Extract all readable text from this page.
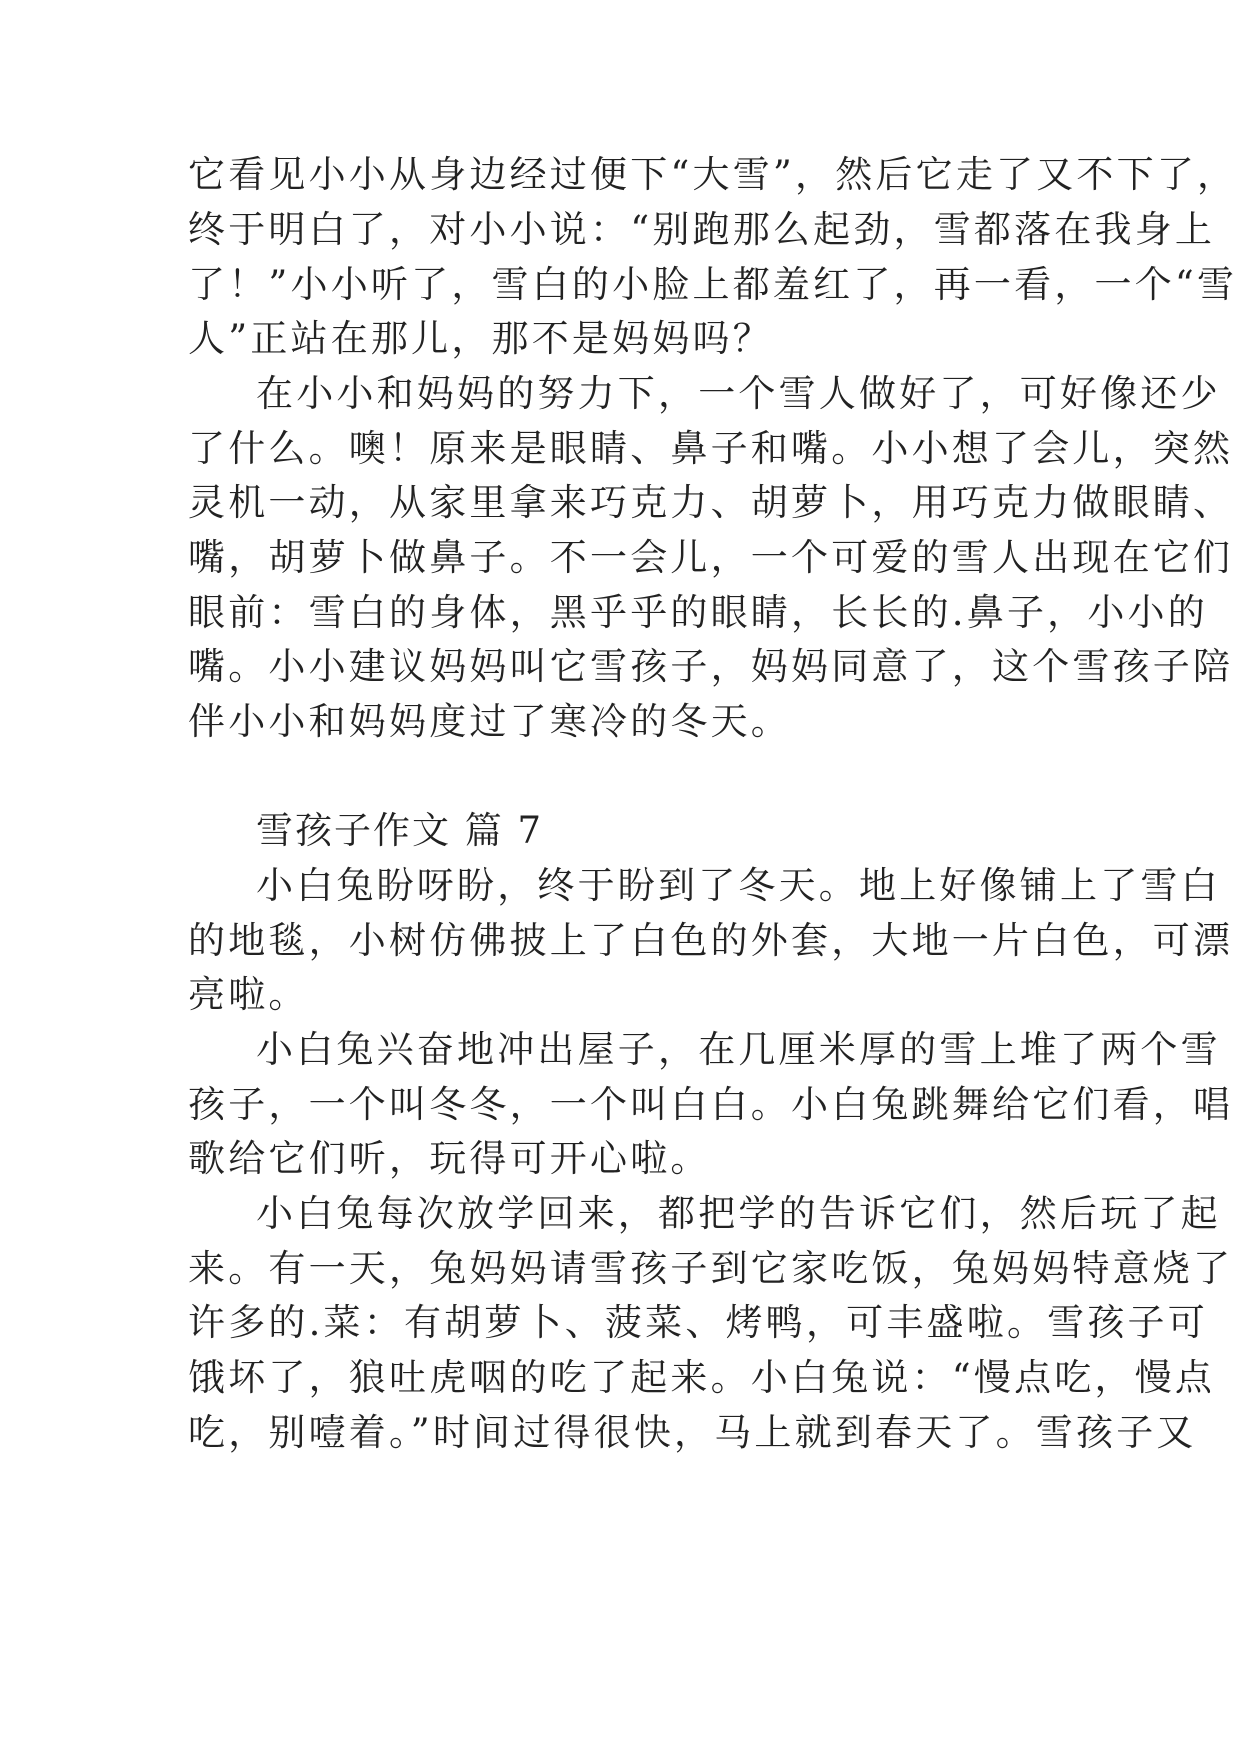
它看见小小从身边经过便下“大雪”，然后它走了又不下了，
终于明白了，对小小说：“别跑那么起劲，雪都落在我身上
了！”小小听了，雪白的小脸上都羞红了，再一看，一个“雪
人”正站在那儿，那不是妈妈吗？
在小小和妈妈的努力下，一个雪人做好了，可好像还少
了什么。噢！原来是眼睛、鼻子和嘴。小小想了会儿，突然
灵机一动，从家里拿来巧克力、胡萝卜，用巧克力做眼睛、
嘴，胡萝卜做鼻子。不一会儿，一个可爱的雪人出现在它们
眼前：雪白的身体，黑乎乎的眼睛，长长的.鼻子，小小的
嘴。小小建议妈妈叫它雪孩子，妈妈同意了，这个雪孩子陪
伴小小和妈妈度过了寒冷的冬天。
雪孩子作文 篇 7
小白兔盼呀盼，终于盼到了冬天。地上好像铺上了雪白
的地毯，小树仿佛披上了白色的外套，大地一片白色，可漂
亮啦。
小白兔兴奋地冲出屋子，在几厘米厚的雪上堆了两个雪
孩子，一个叫冬冬，一个叫白白。小白兔跳舞给它们看，唱
歌给它们听，玩得可开心啦。
小白兔每次放学回来，都把学的告诉它们，然后玩了起
来。有一天，兔妈妈请雪孩子到它家吃饭，兔妈妈特意烧了
许多的.菜：有胡萝卜、菠菜、烤鸭，可丰盛啦。雪孩子可
饿坏了，狼吐虎咽的吃了起来。小白兔说：“慢点吃，慢点
吃，别噎着。”时间过得很快，马上就到春天了。雪孩子又
